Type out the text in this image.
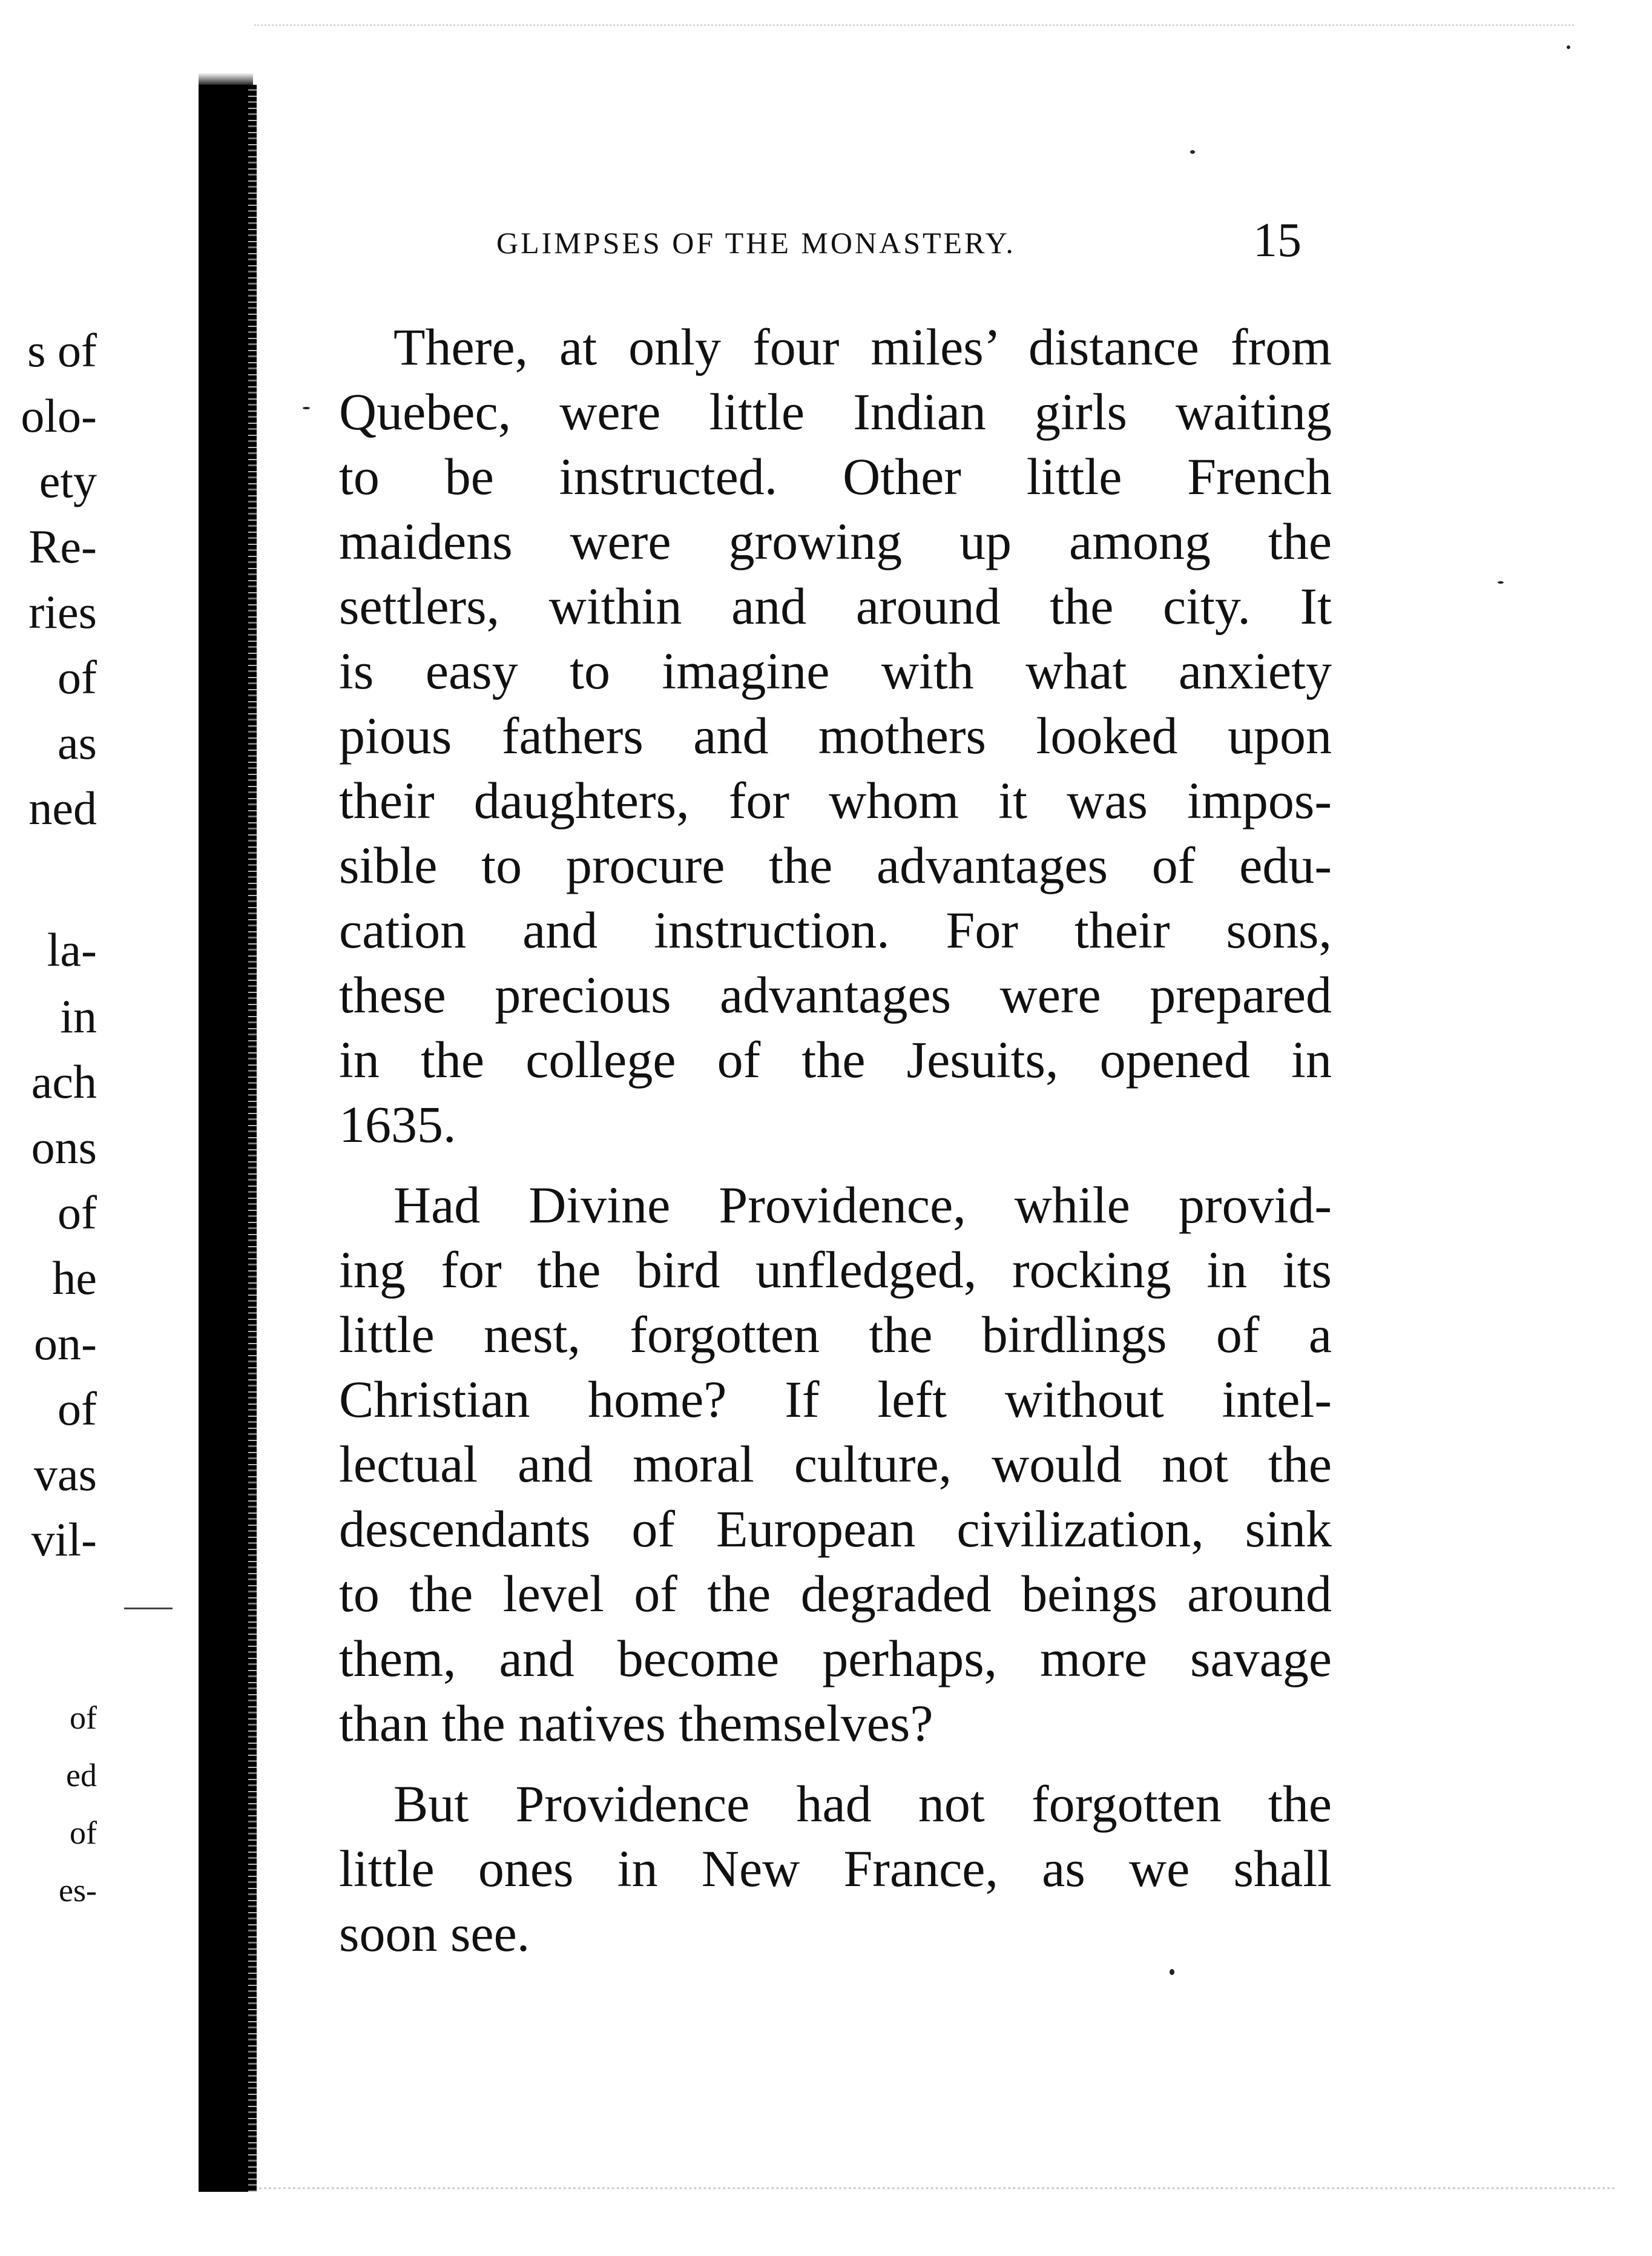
s of
olo-
ety
Re-
ries
of
as
ned
la-
in
ach
ons
of
he
on-
of
vas
vil-
of
ed
of
es-
GLIMPSES OF THE MONASTERY.	15
There, at only four miles’ distance from
Quebec, were little Indian girls waiting
to be instructed. Other little French
maidens were growing up among the
settlers, within and around the city. It
is easy to imagine with what anxiety
pious fathers and mothers looked upon
their daughters, for whom it was impos-
sible to procure the advantages of edu-
cation and instruction. For their sons,
these precious advantages were prepared
in the college of the Jesuits, opened in
1635.
Had Divine Providence, while provid-
ing for the bird unfledged, rocking in its
little nest, forgotten the birdlings of a
Christian home? If left without intel-
lectual and moral culture, would not the
descendants of European civilization, sink
to the level of the degraded beings around
them, and become perhaps, more savage
than the natives themselves?
But Providence had not forgotten the
little ones in New France, as we shall
soon see.
